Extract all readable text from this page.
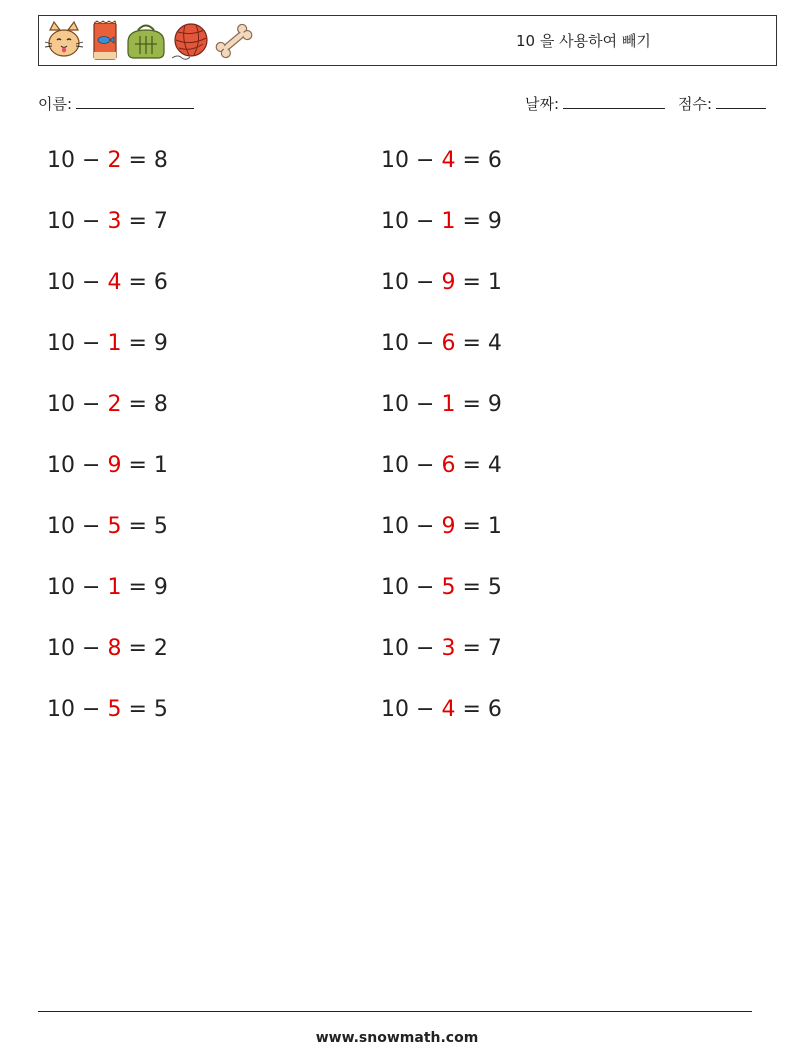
10 을 사용하여 빼기
이름:	날짜:	점수:
10 − 2 = 8
10 − 3 = 7
10 − 4 = 6
10 − 1 = 9
10 − 2 = 8
10 − 9 = 1
10 − 5 = 5
10 − 1 = 9
10 − 8 = 2
10 − 5 = 5
10 − 4 = 6
10 − 1 = 9
10 − 9 = 1
10 − 6 = 4
10 − 1 = 9
10 − 6 = 4
10 − 9 = 1
10 − 5 = 5
10 − 3 = 7
10 − 4 = 6
www.snowmath.com
